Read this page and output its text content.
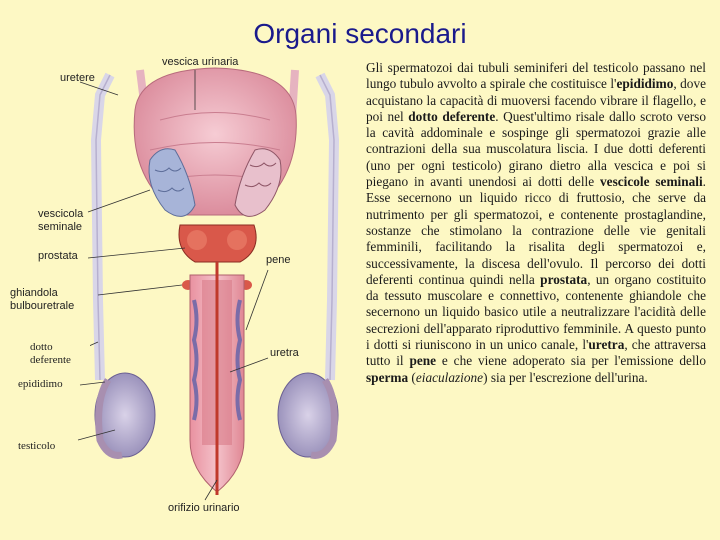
Organi secondari
uretere
vescica urinaria
vescicola seminale
prostata
ghiandola bulbouretrale
pene
dotto deferente
uretra
epididimo
testicolo
orifizio urinario
Gli spermatozoi dai tubuli seminiferi del testicolo passano nel lungo tubulo avvolto a spirale che costituisce l'epididimo, dove acquistano la capacità di muoversi facendo vibrare il flagello, e poi nel dotto deferente. Quest'ultimo risale dallo scroto verso la cavità addominale e sospinge gli spermatozoi grazie alle contrazioni della sua muscolatura liscia. I due dotti deferenti (uno per ogni testicolo) girano dietro alla vescica e poi si piegano in avanti unendosi ai dotti delle vescicole seminali. Esse secernono un liquido ricco di fruttosio, che serve da nutrimento per gli spermatozoi, e contenente prostaglandine, sostanze che stimolano la contrazione delle vie genitali femminili, facilitando la risalita degli spermatozoi e, successivamente, la discesa dell'ovulo. Il percorso dei dotti deferenti continua quindi nella prostata, un organo costituito da tessuto muscolare e connettivo, contenente ghiandole che secernono un liquido basico utile a neutralizzare l'acidità delle secrezioni dell'apparato riproduttivo femminile. A questo punto i dotti si riuniscono in un unico canale, l'uretra, che attraversa tutto il pene e che viene adoperato sia per l'emissione dello sperma (eiaculazione) sia per l'escrezione dell'urina.
